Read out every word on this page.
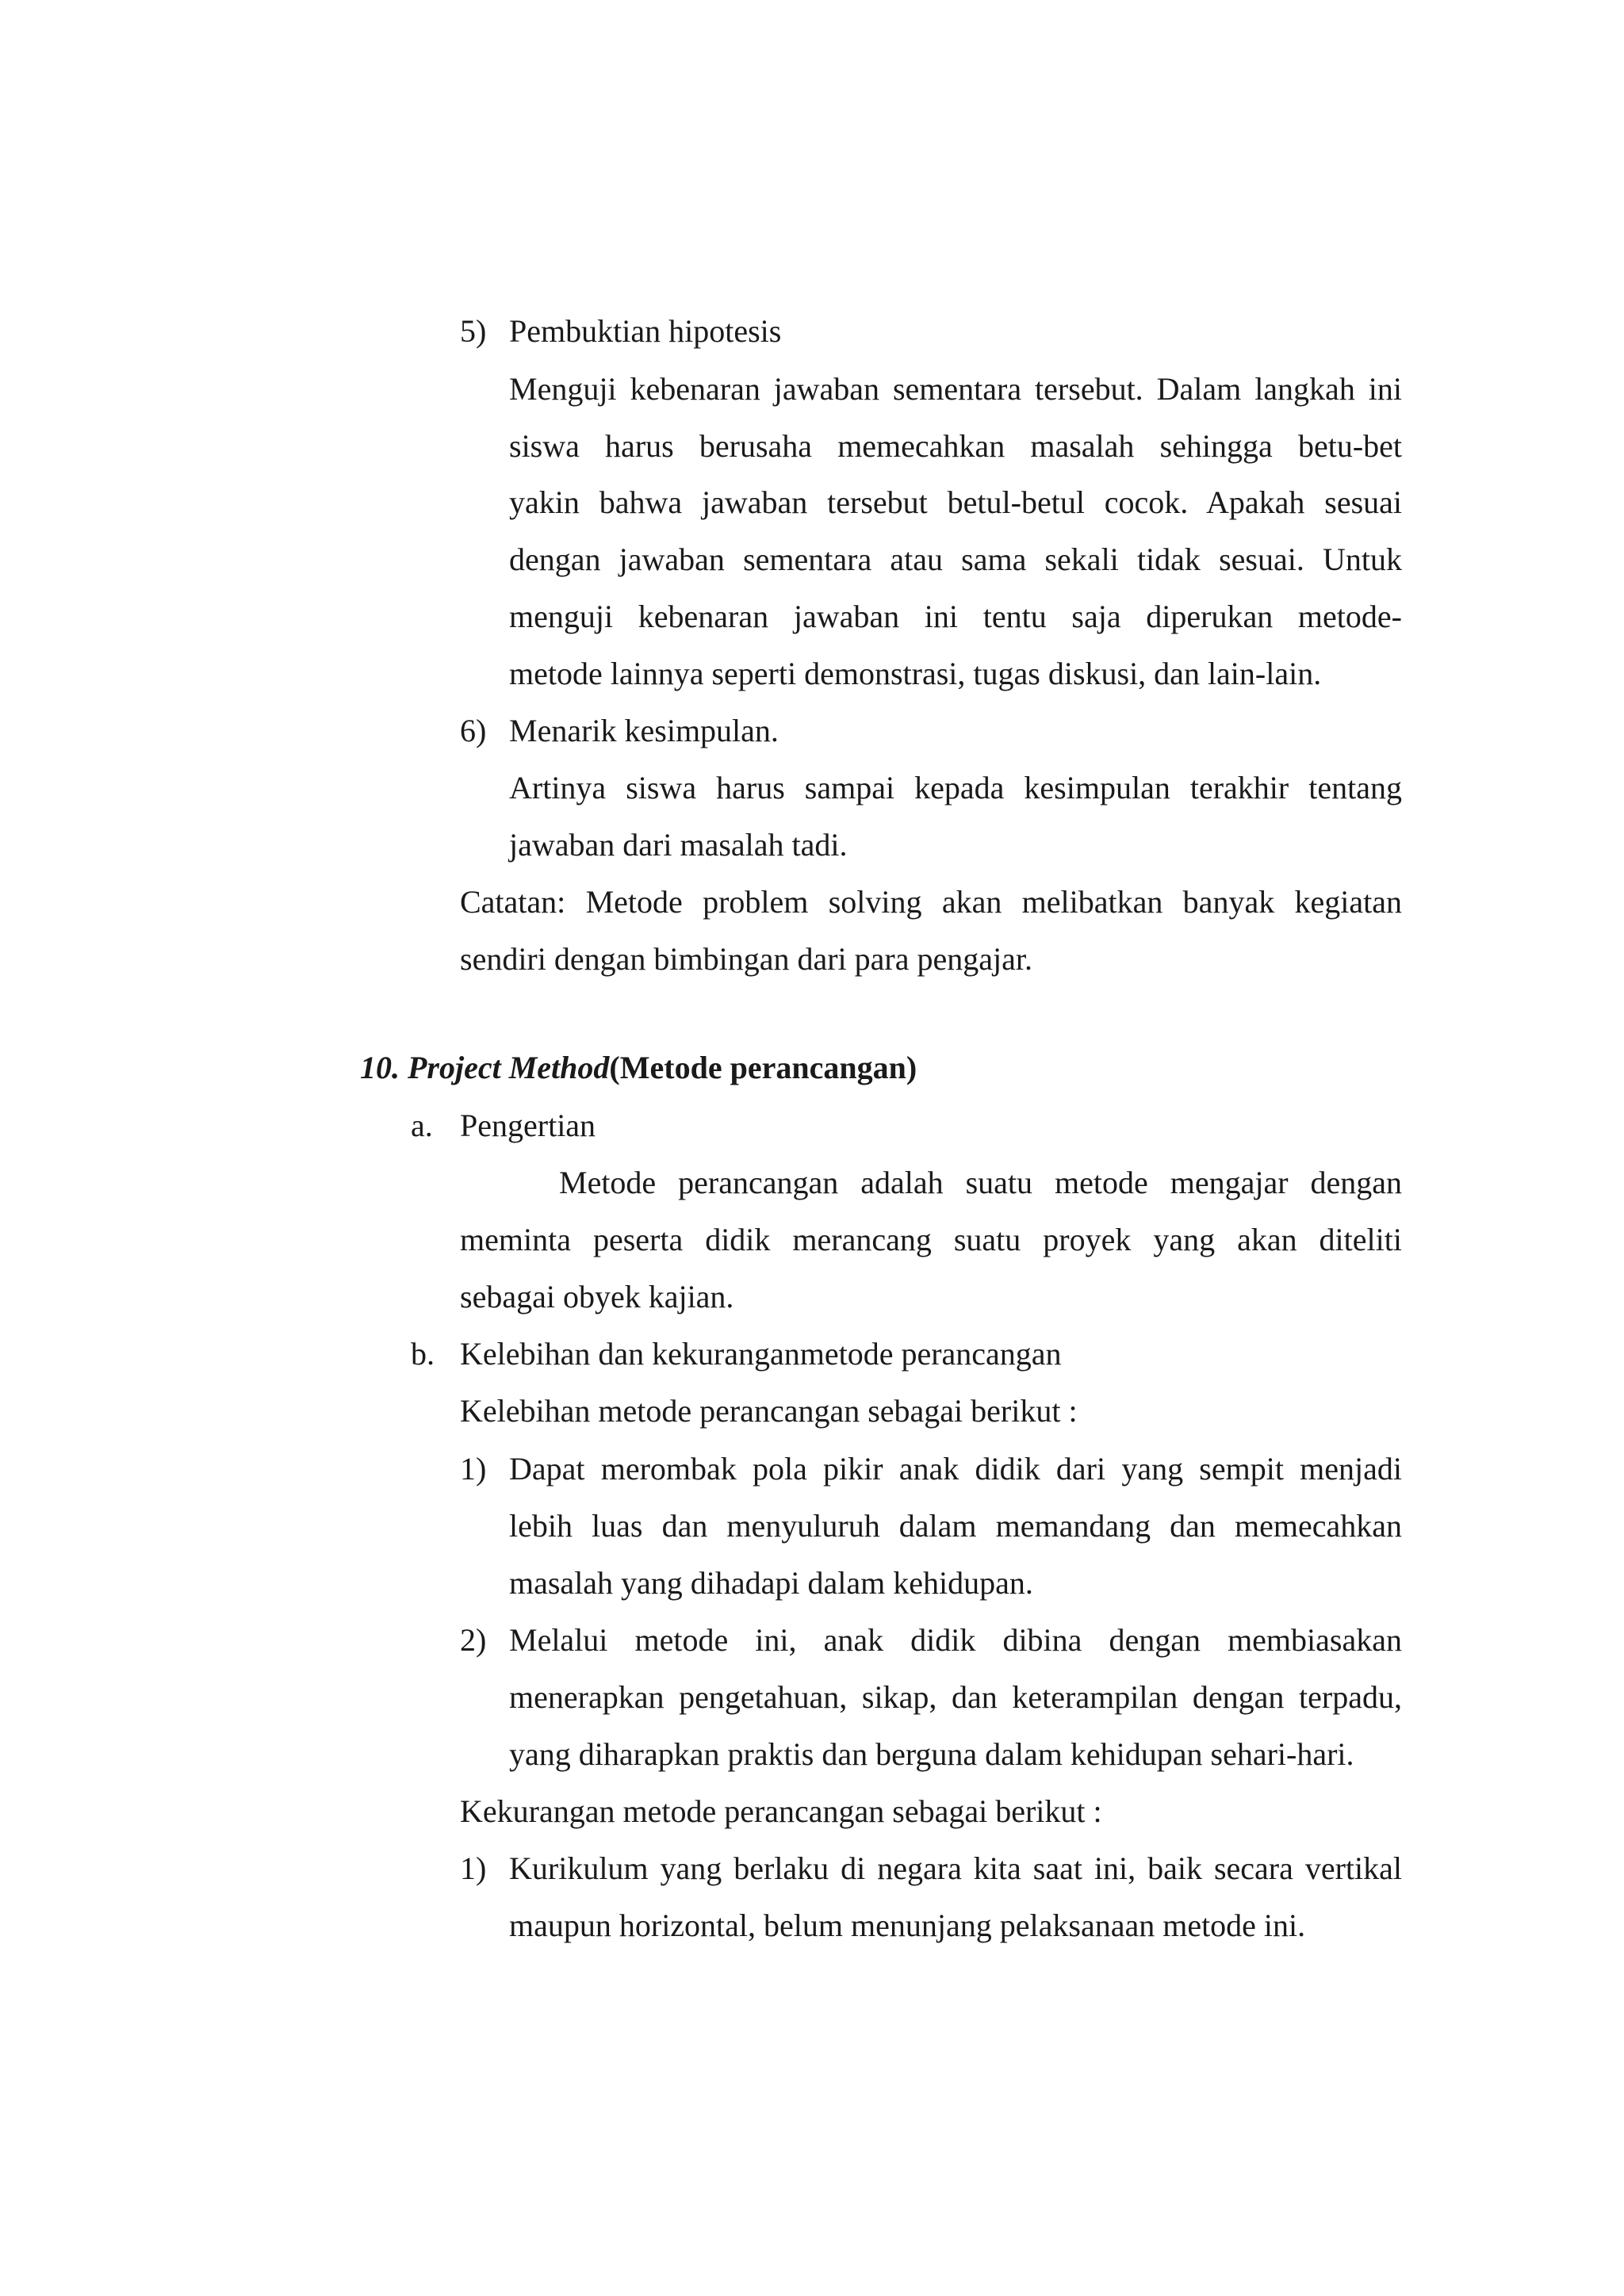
5) Pembuktian hipotesis
Menguji kebenaran jawaban sementara tersebut. Dalam langkah ini
siswa harus berusaha memecahkan masalah sehingga betu-bet
yakin bahwa jawaban tersebut betul-betul cocok. Apakah sesuai
dengan jawaban sementara atau sama sekali tidak sesuai. Untuk
menguji kebenaran jawaban ini tentu saja diperukan metode-
metode lainnya seperti demonstrasi, tugas diskusi, dan lain-lain.
6) Menarik kesimpulan.
Artinya siswa harus sampai kepada kesimpulan terakhir tentang
jawaban dari masalah tadi.
Catatan: Metode problem solving akan melibatkan banyak kegiatan
sendiri dengan bimbingan dari para pengajar.
10. Project Method(Metode perancangan)
a. Pengertian
Metode perancangan adalah suatu metode mengajar dengan
meminta peserta didik merancang suatu proyek yang akan diteliti
sebagai obyek kajian.
b. Kelebihan dan kekuranganmetode perancangan
Kelebihan metode perancangan sebagai berikut :
1) Dapat merombak pola pikir anak didik dari yang sempit menjadi
lebih luas dan menyuluruh dalam memandang dan memecahkan
masalah yang dihadapi dalam kehidupan.
2) Melalui metode ini, anak didik dibina dengan membiasakan
menerapkan pengetahuan, sikap, dan keterampilan dengan terpadu,
yang diharapkan praktis dan berguna dalam kehidupan sehari-hari.
Kekurangan metode perancangan sebagai berikut :
1) Kurikulum yang berlaku di negara kita saat ini, baik secara vertikal
maupun horizontal, belum menunjang pelaksanaan metode ini.
